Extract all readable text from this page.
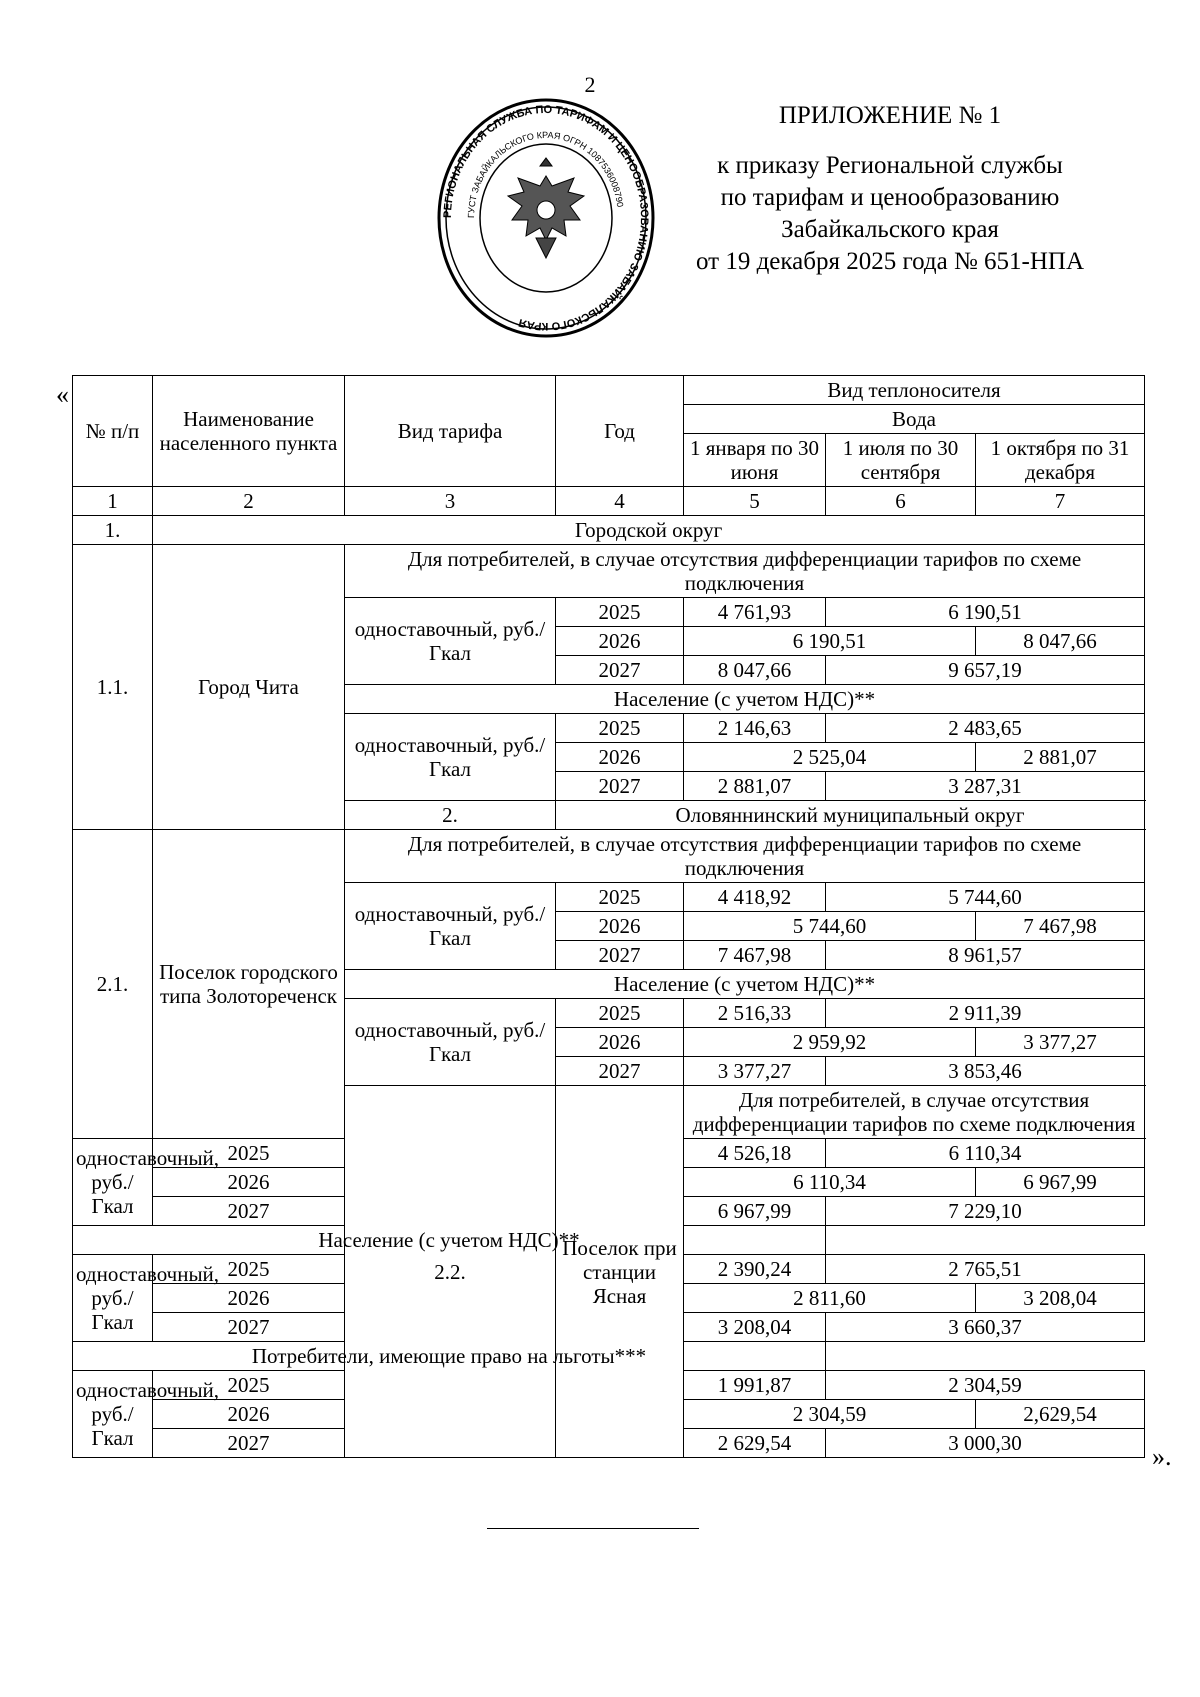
2
РЕГИОНАЛЬНАЯ СЛУЖБА ПО ТАРИФАМ И ЦЕНООБРАЗОВАНИЮ ЗАБАЙКАЛЬСКОГО КРАЯ
ГУСТ ЗАБАЙКАЛЬСКОГО КРАЯ ОГРН 1087536008790
ПРИЛОЖЕНИЕ № 1
к приказу Региональной службы
по тарифам и ценообразованию
Забайкальского края
от 19 декабря 2025 года № 651-НПА
«
№ п/п	Наименование населенного пункта	Вид тарифа	Год	Вид теплоносителя		
				Вода		
				1 января по 30 июня	1 июля по 30 сентября	1 октября по 31 декабря
1	2	3	4	5	6	7
1.	Городской округ					
1.1.	Город Чита	Для потребителей, в случае отсутствия дифференциации тарифов по схеме подключения				
		одноставочный, руб./Гкал	2025	4 761,93	6 190,51	
			2026	6 190,51		8 047,66
			2027	8 047,66	9 657,19	
		Население (с учетом НДС)**				
		одноставочный, руб./Гкал	2025	2 146,63	2 483,65	
			2026	2 525,04		2 881,07
			2027	2 881,07	3 287,31	
		2.	Оловяннинский муниципальный округ			
2.1.	Поселок городского типа Золотореченск	Для потребителей, в случае отсутствия дифференциации тарифов по схеме подключения				
		одноставочный, руб./Гкал	2025	4 418,92	5 744,60	
			2026	5 744,60		7 467,98
			2027	7 467,98	8 961,57	
		Население (с учетом НДС)**				
		одноставочный, руб./Гкал	2025	2 516,33	2 911,39	
			2026	2 959,92		3 377,27
			2027	3 377,27	3 853,46	
		2.2.	Поселок при станции Ясная	Для потребителей, в случае отсутствия дифференциации тарифов по схеме подключения		
одноставочный, руб./Гкал	2025			4 526,18	6 110,34	
	2026			6 110,34		6 967,99
	2027			6 967,99	7 229,10	
Население (с учетом НДС)**						
одноставочный, руб./Гкал	2025			2 390,24	2 765,51	
	2026			2 811,60		3 208,04
	2027			3 208,04	3 660,37	
Потребители, имеющие право на льготы***						
одноставочный, руб./Гкал	2025			1 991,87	2 304,59	
	2026			2 304,59		2,629,54
	2027			2 629,54	3 000,30		».
